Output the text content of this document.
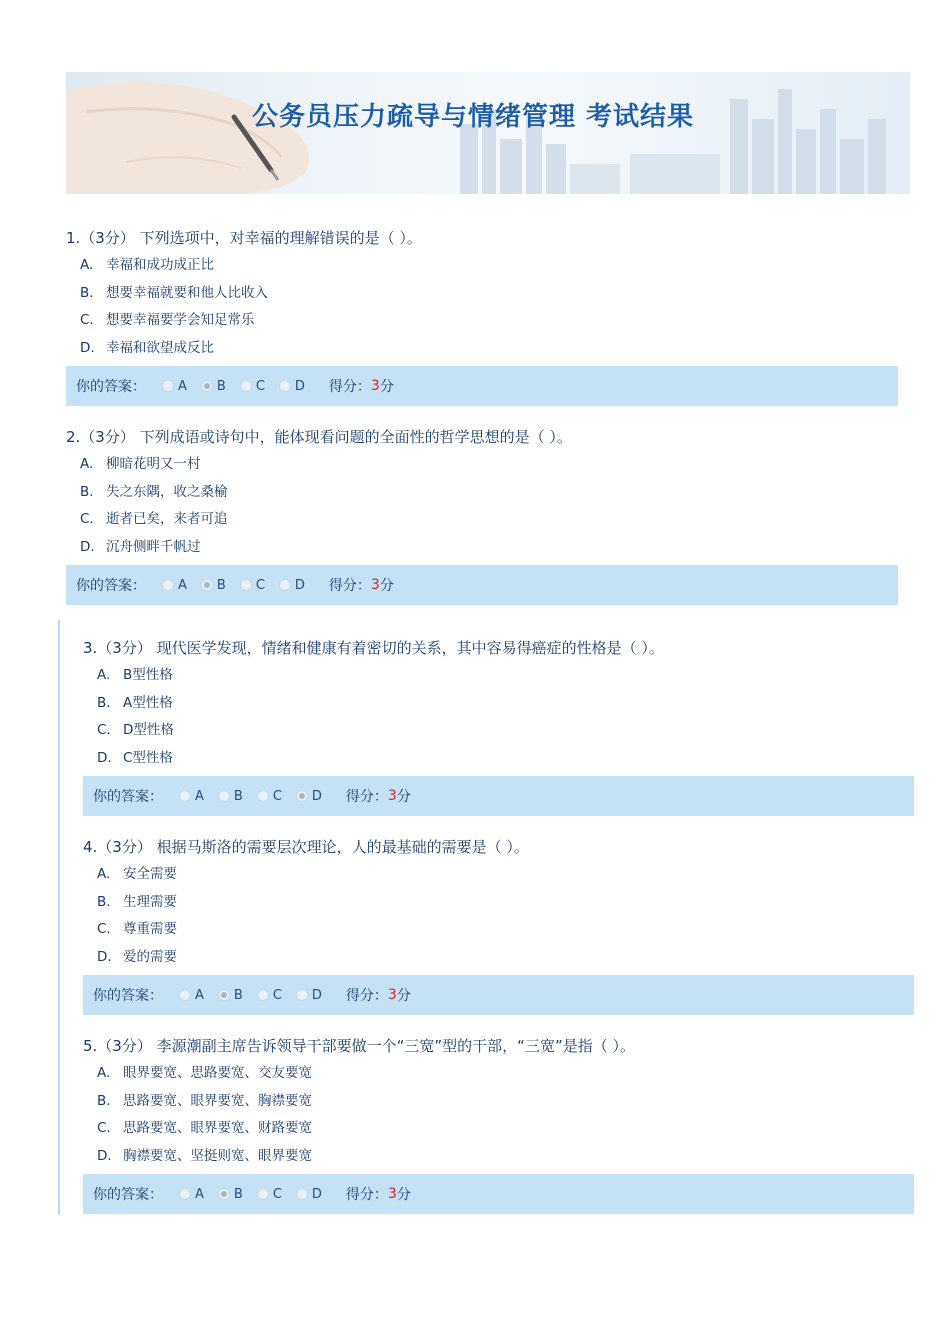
公务员压力疏导与情绪管理 考试结果
1.（3分） 下列选项中，对幸福的理解错误的是（ ）。
A. 幸福和成功成正比
B. 想要幸福就要和他人比收入
C. 想要幸福要学会知足常乐
D. 幸福和欲望成反比
你的答案： A B C D 得分： 3 分
2.（3分） 下列成语或诗句中，能体现看问题的全面性的哲学思想的是（ ）。
A. 柳暗花明又一村
B. 失之东隅，收之桑榆
C. 逝者已矣，来者可追
D. 沉舟侧畔千帆过
你的答案： A B C D 得分： 3 分
3.（3分） 现代医学发现，情绪和健康有着密切的关系，其中容易得癌症的性格是（ ）。
A. B型性格
B. A型性格
C. D型性格
D. C型性格
你的答案： A B C D 得分： 3 分
4.（3分） 根据马斯洛的需要层次理论，人的最基础的需要是（ ）。
A. 安全需要
B. 生理需要
C. 尊重需要
D. 爱的需要
你的答案： A B C D 得分： 3 分
5.（3分） 李源潮副主席告诉领导干部要做一个“三宽”型的干部，“三宽”是指（ ）。
A. 眼界要宽、思路要宽、交友要宽
B. 思路要宽、眼界要宽、胸襟要宽
C. 思路要宽、眼界要宽、财路要宽
D. 胸襟要宽、坚挺则宽、眼界要宽
你的答案： A B C D 得分： 3 分
